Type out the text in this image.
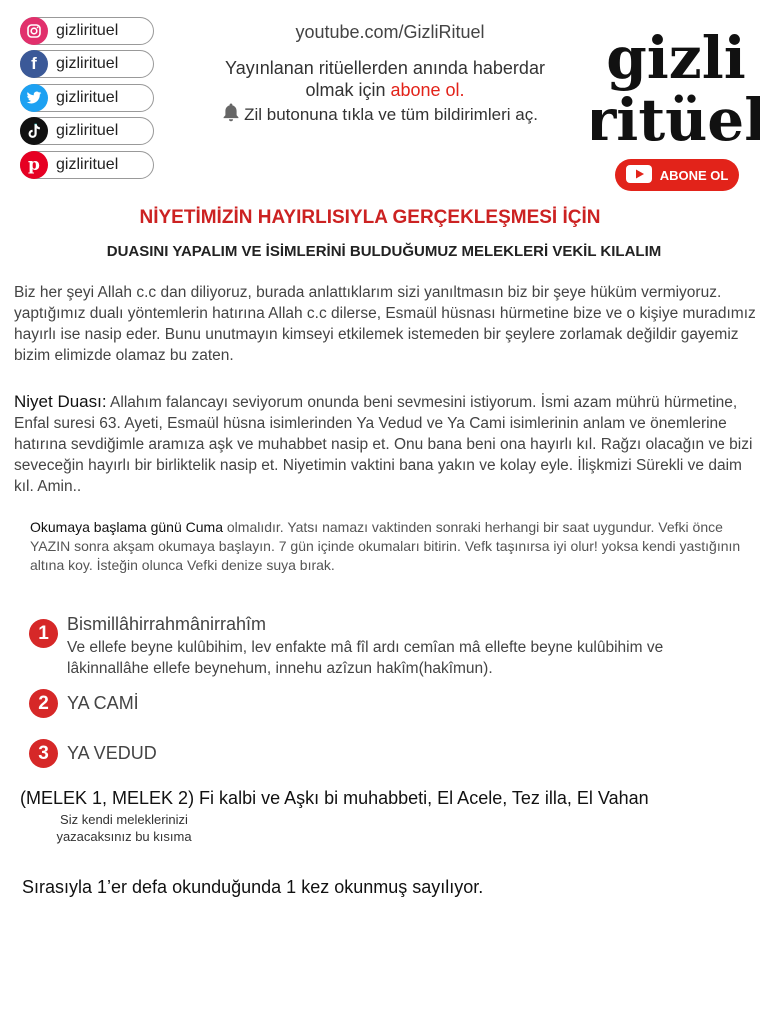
gizlirituel
f gizlirituel
gizlirituel
gizlirituel
p gizlirituel
youtube.com/GizliRituel
Yayınlanan ritüellerden anında haberdar
olmak için abone ol.
Zil butonuna tıkla ve tüm bildirimleri aç.
gizli
ritüel
ABONE OL
NİYETİMİZİN HAYIRLISIYLA GERÇEKLEŞMESİ İÇİN
DUASINI YAPALIM VE İSİMLERİNİ BULDUĞUMUZ MELEKLERİ VEKİL KILALIM
Biz her şeyi Allah c.c dan diliyoruz, burada anlattıklarım sizi yanıltmasın biz bir şeye hüküm vermiyoruz. yaptığımız dualı yöntemlerin hatırına Allah c.c dilerse, Esmaül hüsnası hürmetine bize ve o kişiye muradımız hayırlı ise nasip eder. Bunu unutmayın kimseyi etkilemek istemeden bir şeylere zorlamak değildir gayemiz bizim elimizde olamaz bu zaten.
Niyet Duası: Allahım falancayı seviyorum onunda beni sevmesini istiyorum. İsmi azam mührü hürmetine, Enfal suresi 63. Ayeti, Esmaül hüsna isimlerinden Ya Vedud ve Ya Cami isimlerinin anlam ve önemlerine hatırına sevdiğimle aramıza aşk ve muhabbet nasip et. Onu bana beni ona hayırlı kıl. Rağzı olacağın ve bizi seveceğin hayırlı bir birliktelik nasip et. Niyetimin vaktini bana yakın ve kolay eyle. İlişkmizi Sürekli ve daim kıl. Amin..
Okumaya başlama günü Cuma olmalıdır. Yatsı namazı vaktinden sonraki herhangi bir saat uygundur. Vefki önce YAZIN sonra akşam okumaya başlayın. 7 gün içinde okumaları bitirin. Vefk taşınırsa iyi olur! yoksa kendi yastığının altına koy. İsteğin olunca Vefki denize suya bırak.
1	Bismillâhirrahmânirrahîm
Ve ellefe beyne kulûbihim, lev enfakte mâ fîl ardı cemîan mâ ellefte beyne kulûbihim ve lâkinnallâhe ellefe beynehum, innehu azîzun hakîm(hakîmun).
2	YA CAMİ
3	YA VEDUD
(MELEK 1, MELEK 2) Fi kalbi ve Aşkı bi muhabbeti, El Acele, Tez illa, El Vahan
Siz kendi meleklerinizi yazacaksınız bu kısıma
Sırasıyla 1’er defa okunduğunda 1 kez okunmuş sayılıyor.
